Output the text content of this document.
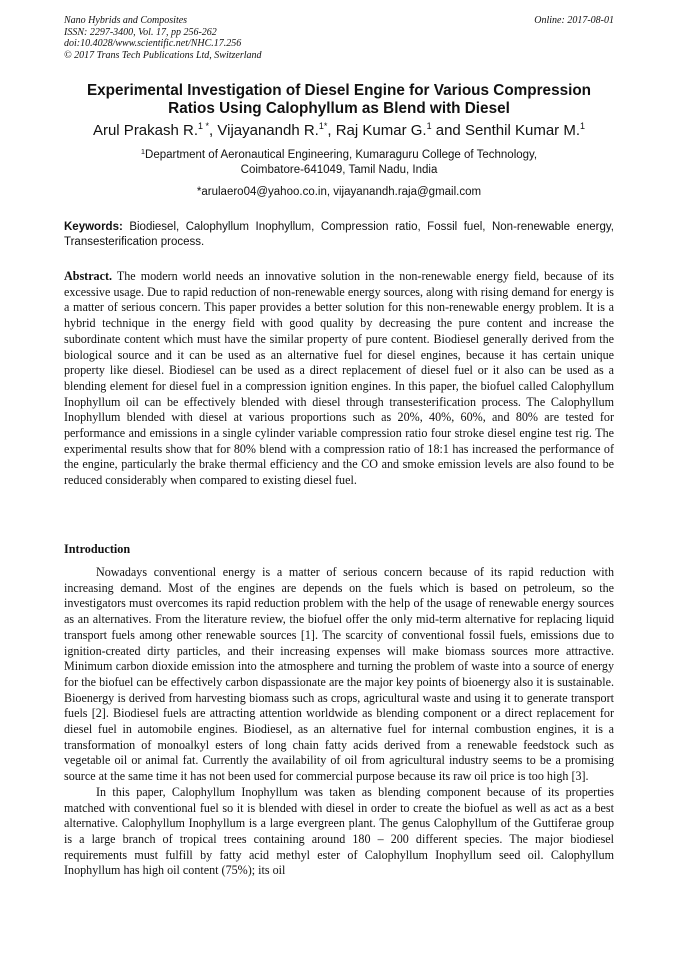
Nano Hybrids and Composites
ISSN: 2297-3400, Vol. 17, pp 256-262
doi:10.4028/www.scientific.net/NHC.17.256
© 2017 Trans Tech Publications Ltd, Switzerland
Online: 2017-08-01
Experimental Investigation of Diesel Engine for Various Compression Ratios Using Calophyllum as Blend with Diesel
Arul Prakash R.$^{1 *}$, Vijayanandh R.$^{1*}$, Raj Kumar G.$^1$ and Senthil Kumar M.$^1$
$^1$Department of Aeronautical Engineering, Kumaraguru College of Technology,
Coimbatore-641049, Tamil Nadu, India
*arulaero04@yahoo.co.in, vijayanandh.raja@gmail.com
Keywords: Biodiesel, Calophyllum Inophyllum, Compression ratio, Fossil fuel, Non-renewable energy, Transesterification process.
Abstract. The modern world needs an innovative solution in the non-renewable energy field, because of its excessive usage. Due to rapid reduction of non-renewable energy sources, along with rising demand for energy is a matter of serious concern. This paper provides a better solution for this non-renewable energy problem. It is a hybrid technique in the energy field with good quality by decreasing the pure content and increase the subordinate content which must have the similar property of pure content. Biodiesel generally derived from the biological source and it can be used as an alternative fuel for diesel engines, because it has certain unique property like diesel. Biodiesel can be used as a direct replacement of diesel fuel or it also can be used as a blending element for diesel fuel in a compression ignition engines. In this paper, the biofuel called Calophyllum Inophyllum oil can be effectively blended with diesel through transesterification process. The Calophyllum Inophyllum blended with diesel at various proportions such as 20%, 40%, 60%, and 80% are tested for performance and emissions in a single cylinder variable compression ratio four stroke diesel engine test rig. The experimental results show that for 80% blend with a compression ratio of 18:1 has increased the performance of the engine, particularly the brake thermal efficiency and the CO and smoke emission levels are also found to be reduced considerably when compared to existing diesel fuel.
Introduction

Nowadays conventional energy is a matter of serious concern because of its rapid reduction with increasing demand. Most of the engines are depends on the fuels which is based on petroleum, so the investigators must overcomes its rapid reduction problem with the help of the usage of renewable energy sources as an alternatives. From the literature review, the biofuel offer the only mid-term alternative for replacing liquid transport fuels among other renewable sources [1]. The scarcity of conventional fossil fuels, emissions due to ignition-created dirty particles, and their increasing expenses will make biomass sources more attractive. Minimum carbon dioxide emission into the atmosphere and turning the problem of waste into a source of energy for the biofuel can be effectively carbon dispassionate are the major key points of bioenergy also it is sustainable. Bioenergy is derived from harvesting biomass such as crops, agricultural waste and using it to generate transport fuels [2]. Biodiesel fuels are attracting attention worldwide as blending component or a direct replacement for diesel fuel in automobile engines. Biodiesel, as an alternative fuel for internal combustion engines, it is a transformation of monoalkyl esters of long chain fatty acids derived from a renewable feedstock such as vegetable oil or animal fat. Currently the availability of oil from agricultural industry seems to be a promising source at the same time it has not been used for commercial purpose because its raw oil price is too high [3].

In this paper, Calophyllum Inophyllum was taken as blending component because of its properties matched with conventional fuel so it is blended with diesel in order to create the biofuel as well as act as a best alternative. Calophyllum Inophyllum is a large evergreen plant. The genus Calophyllum of the Guttiferae group is a large branch of tropical trees containing around 180 – 200 different species. The major biodiesel requirements must fulfill by fatty acid methyl ester of Calophyllum Inophyllum seed oil. Calophyllum Inophyllum has high oil content (75%); its oil
